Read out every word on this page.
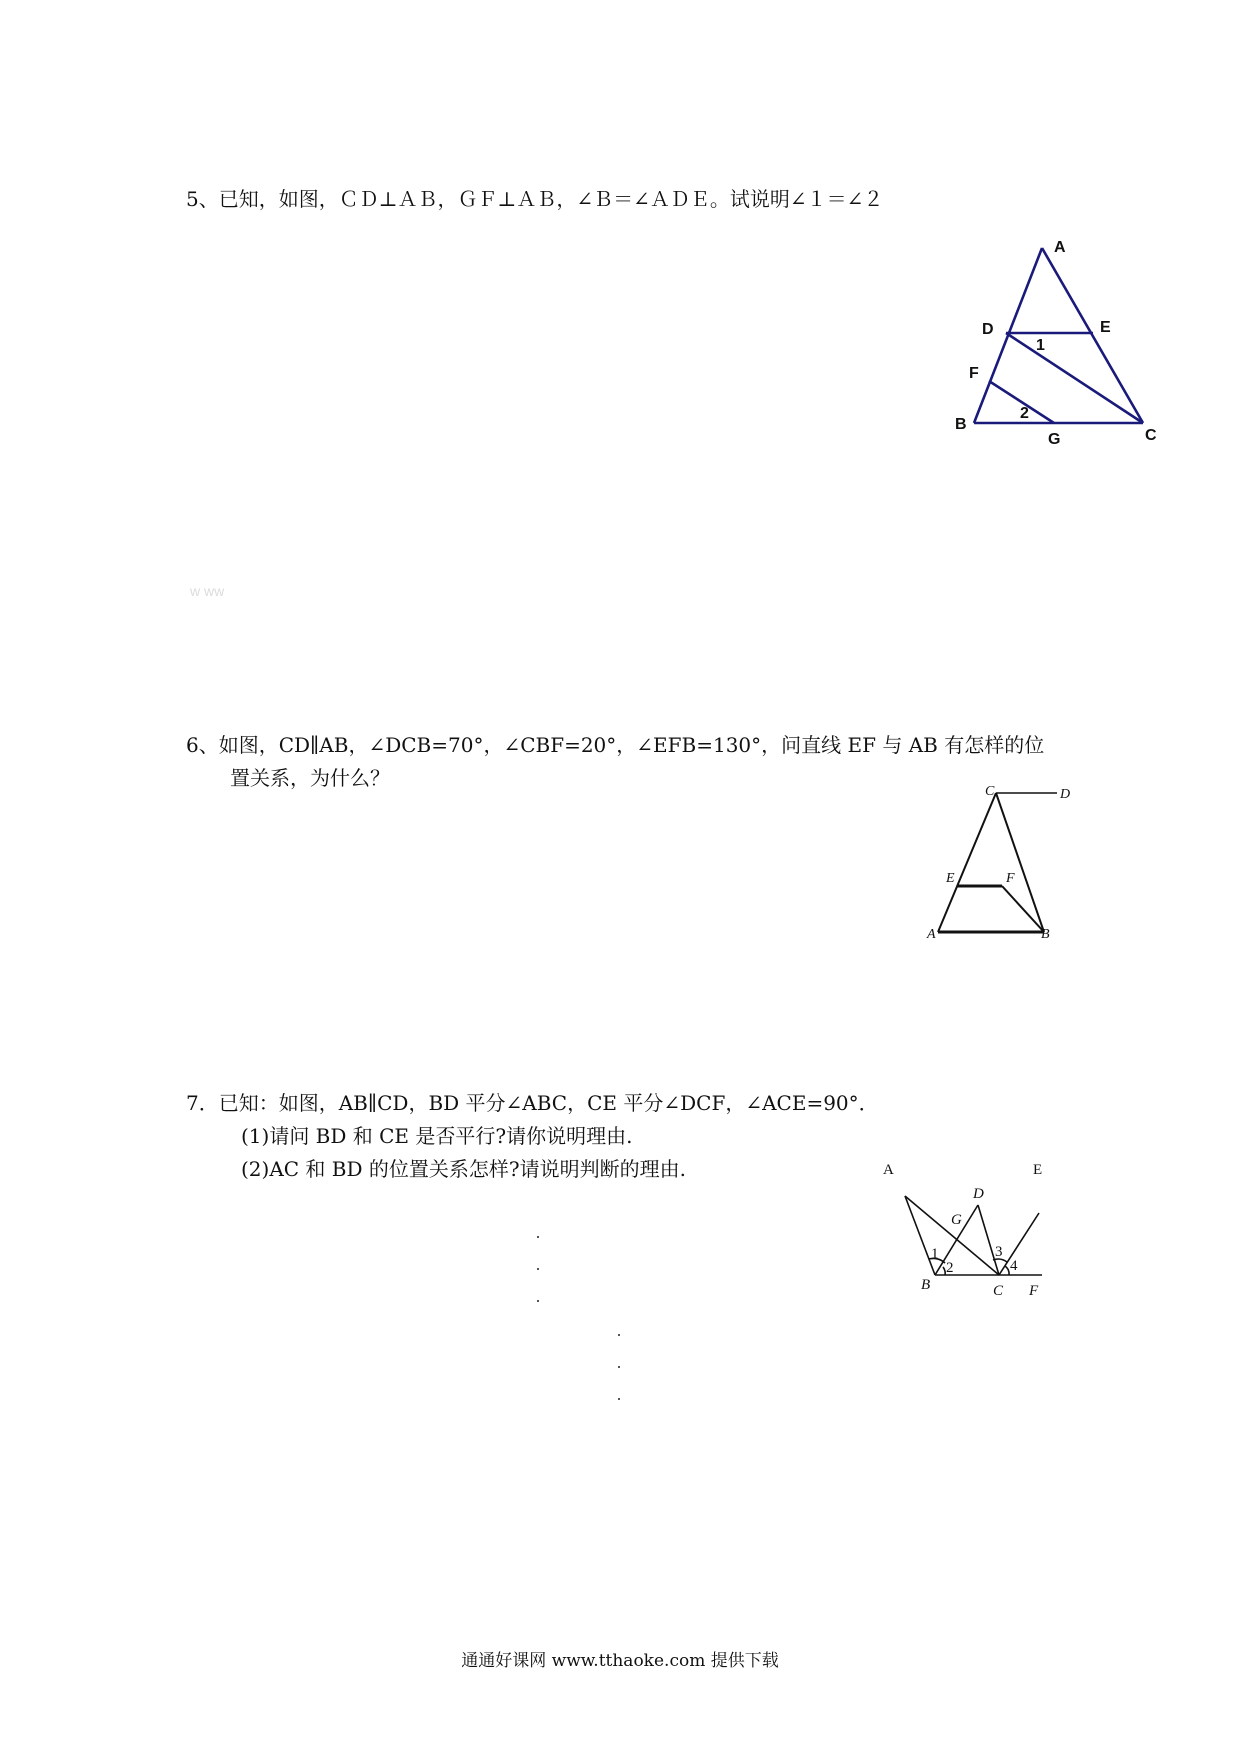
5、已知，如图，ＣＤ⊥ＡＢ，ＧＦ⊥ＡＢ，∠Ｂ＝∠ＡＤＥ。试说明∠１＝∠２
A
D	E
1
F
2
B
G	C
w ww
6、如图，CD∥AB，∠DCB=70°，∠CBF=20°，∠EFB=130°，问直线 EF 与 AB 有怎样的位
置关系，为什么？
C	D
E	F
A	B
7．已知：如图，AB∥CD，BD 平分∠ABC，CE 平分∠DCF，∠ACE=90°．
(1)请问 BD 和 CE 是否平行?请你说明理由.
(2)AC 和 BD 的位置关系怎样?请说明判断的理由.	A	E
D
G
1
2
3
4
B	C F
通通好课网 www.tthaoke.com 提供下载
